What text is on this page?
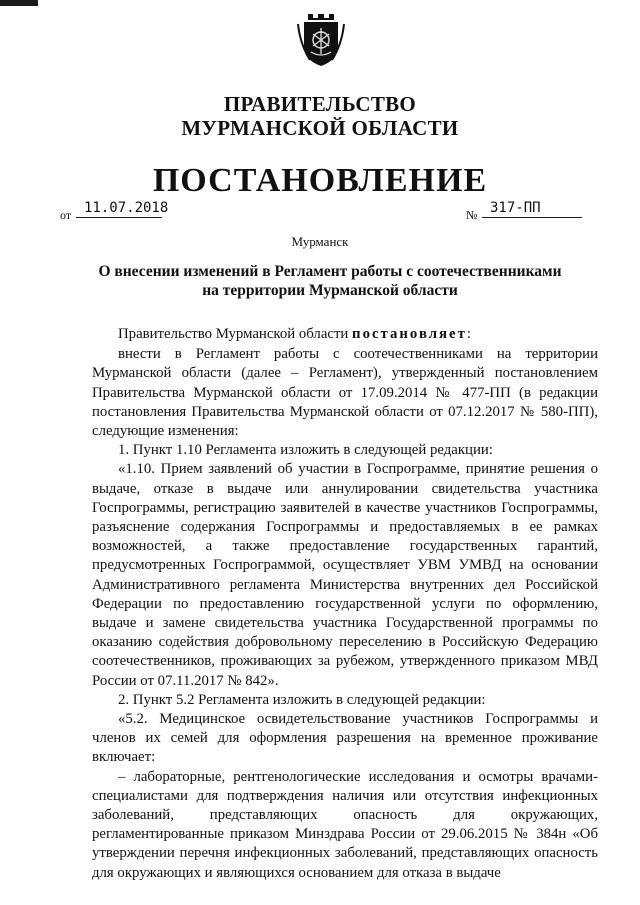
ПРАВИТЕЛЬСТВО
МУРМАНСКОЙ ОБЛАСТИ
ПОСТАНОВЛЕНИЕ
от 11.07.2018	№ 317-ПП
Мурманск
О внесении изменений в Регламент работы с соотечественниками
на территории Мурманской области

Правительство Мурманской области постановляет:

внести в Регламент работы с соотечественниками на территории Мурманской области (далее – Регламент), утвержденный постановлением Правительства Мурманской области от 17.09.2014 № 477-ПП (в редакции постановления Правительства Мурманской области от 07.12.2017 № 580-ПП), следующие изменения:

1. Пункт 1.10 Регламента изложить в следующей редакции:

«1.10. Прием заявлений об участии в Госпрограмме, принятие решения о выдаче, отказе в выдаче или аннулировании свидетельства участника Госпрограммы, регистрацию заявителей в качестве участников Госпрограммы, разъяснение содержания Госпрограммы и предоставляемых в ее рамках возможностей, а также предоставление государственных гарантий, предусмотренных Госпрограммой, осуществляет УВМ УМВД на основании Административного регламента Министерства внутренних дел Российской Федерации по предоставлению государственной услуги по оформлению, выдаче и замене свидетельства участника Государственной программы по оказанию содействия добровольному переселению в Российскую Федерацию соотечественников, проживающих за рубежом, утвержденного приказом МВД России от 07.11.2017 № 842».

2. Пункт 5.2 Регламента изложить в следующей редакции:

«5.2. Медицинское освидетельствование участников Госпрограммы и членов их семей для оформления разрешения на временное проживание включает:

– лабораторные, рентгенологические исследования и осмотры врачами-специалистами для подтверждения наличия или отсутствия инфекционных заболеваний, представляющих опасность для окружающих, регламентированные приказом Минздрава России от 29.06.2015 № 384н «Об утверждении перечня инфекционных заболеваний, представляющих опасность для окружающих и являющихся основанием для отказа в выдаче
